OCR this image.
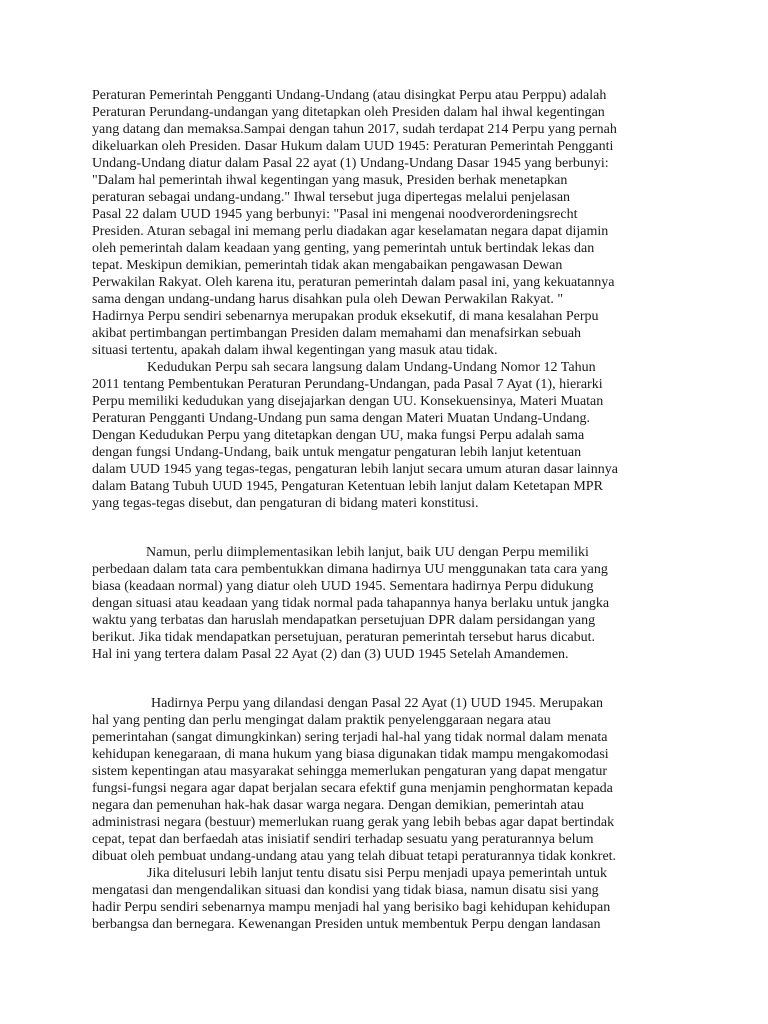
Peraturan Pemerintah Pengganti Undang-Undang (atau disingkat Perpu atau Perppu) adalah
Peraturan Perundang-undangan yang ditetapkan oleh Presiden dalam hal ihwal kegentingan
yang datang dan memaksa.Sampai dengan tahun 2017, sudah terdapat 214 Perpu yang pernah
dikeluarkan oleh Presiden. Dasar Hukum dalam UUD 1945: Peraturan Pemerintah Pengganti
Undang-Undang diatur dalam Pasal 22 ayat (1) Undang-Undang Dasar 1945 yang berbunyi:
"Dalam hal pemerintah ihwal kegentingan yang masuk, Presiden berhak menetapkan
peraturan sebagai undang-undang." Ihwal tersebut juga dipertegas melalui penjelasan
Pasal 22 dalam UUD 1945 yang berbunyi: "Pasal ini mengenai noodverordeningsrecht
Presiden. Aturan sebagal ini memang perlu diadakan agar keselamatan negara dapat dijamin
oleh pemerintah dalam keadaan yang genting, yang pemerintah untuk bertindak lekas dan
tepat. Meskipun demikian, pemerintah tidak akan mengabaikan pengawasan Dewan
Perwakilan Rakyat. Oleh karena itu, peraturan pemerintah dalam pasal ini, yang kekuatannya
sama dengan undang-undang harus disahkan pula oleh Dewan Perwakilan Rakyat. "
Hadirnya Perpu sendiri sebenarnya merupakan produk eksekutif, di mana kesalahan Perpu
akibat pertimbangan pertimbangan Presiden dalam memahami dan menafsirkan sebuah
situasi tertentu, apakah dalam ihwal kegentingan yang masuk atau tidak.
Kedudukan Perpu sah secara langsung dalam Undang-Undang Nomor 12 Tahun
2011 tentang Pembentukan Peraturan Perundang-Undangan, pada Pasal 7 Ayat (1), hierarki
Perpu memiliki kedudukan yang disejajarkan dengan UU. Konsekuensinya, Materi Muatan
Peraturan Pengganti Undang-Undang pun sama dengan Materi Muatan Undang-Undang.
Dengan Kedudukan Perpu yang ditetapkan dengan UU, maka fungsi Perpu adalah sama
dengan fungsi Undang-Undang, baik untuk mengatur pengaturan lebih lanjut ketentuan
dalam UUD 1945 yang tegas-tegas, pengaturan lebih lanjut secara umum aturan dasar lainnya
dalam Batang Tubuh UUD 1945, Pengaturan Ketentuan lebih lanjut dalam Ketetapan MPR
yang tegas-tegas disebut, dan pengaturan di bidang materi konstitusi.
Namun, perlu diimplementasikan lebih lanjut, baik UU dengan Perpu memiliki
perbedaan dalam tata cara pembentukkan dimana hadirnya UU menggunakan tata cara yang
biasa (keadaan normal) yang diatur oleh UUD 1945. Sementara hadirnya Perpu didukung
dengan situasi atau keadaan yang tidak normal pada tahapannya hanya berlaku untuk jangka
waktu yang terbatas dan haruslah mendapatkan persetujuan DPR dalam persidangan yang
berikut. Jika tidak mendapatkan persetujuan, peraturan pemerintah tersebut harus dicabut.
Hal ini yang tertera dalam Pasal 22 Ayat (2) dan (3) UUD 1945 Setelah Amandemen.
Hadirnya Perpu yang dilandasi dengan Pasal 22 Ayat (1) UUD 1945. Merupakan
hal yang penting dan perlu mengingat dalam praktik penyelenggaraan negara atau
pemerintahan (sangat dimungkinkan) sering terjadi hal-hal yang tidak normal dalam menata
kehidupan kenegaraan, di mana hukum yang biasa digunakan tidak mampu mengakomodasi
sistem kepentingan atau masyarakat sehingga memerlukan pengaturan yang dapat mengatur
fungsi-fungsi negara agar dapat berjalan secara efektif guna menjamin penghormatan kepada
negara dan pemenuhan hak-hak dasar warga negara. Dengan demikian, pemerintah atau
administrasi negara (bestuur) memerlukan ruang gerak yang lebih bebas agar dapat bertindak
cepat, tepat dan berfaedah atas inisiatif sendiri terhadap sesuatu yang peraturannya belum
dibuat oleh pembuat undang-undang atau yang telah dibuat tetapi peraturannya tidak konkret.
Jika ditelusuri lebih lanjut tentu disatu sisi Perpu menjadi upaya pemerintah untuk
mengatasi dan mengendalikan situasi dan kondisi yang tidak biasa, namun disatu sisi yang
hadir Perpu sendiri sebenarnya mampu menjadi hal yang berisiko bagi kehidupan kehidupan
berbangsa dan bernegara. Kewenangan Presiden untuk membentuk Perpu dengan landasan
